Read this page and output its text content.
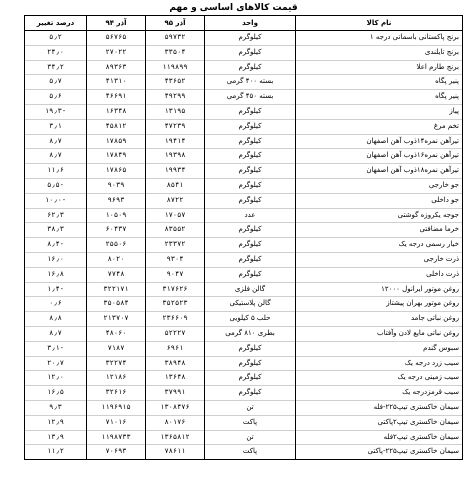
قیمت کالاهای اساسی و مهم
نام کالا	واحد	آذر ۹۵	آذر ۹۴	درصد تغییر
برنج پاکستانی باسماتی درجه ۱	کیلوگرم	۵۹۷۳۲	۵۶۷۶۵	۵٫۲
برنج تایلندی	کیلوگرم	۳۳۵۰۴	۲۷۰۲۲	۲۴٫۰
برنج طارم اعلا	کیلوگرم	۱۱۹۸۹۹	۸۹۳۶۳	۳۴٫۲
پنیر پگاه	بسته ۴۰۰ گرمی	۴۳۶۵۲	۴۱۳۱۰	۵٫۷
پنیر پگاه	بسته ۴۵۰ گرمی	۴۹۲۹۹	۴۶۶۹۱	۵٫۶
پیاز	کیلوگرم	۱۳۱۹۵	۱۶۳۴۸	-۱۹٫۳
تخم مرغ	کیلوگرم	۴۷۲۳۹	۴۵۸۱۲	۳٫۱
تیرآهن نمره۱۴ذوب آهن اصفهان	کیلوگرم	۱۹۴۱۴	۱۷۸۵۹	۸٫۷
تیرآهن نمره۱۶ذوب آهن اصفهان	کیلوگرم	۱۹۳۹۸	۱۷۸۴۹	۸٫۷
تیرآهن نمره۱۸ذوب آهن اصفهان	کیلوگرم	۱۹۹۳۴	۱۷۸۶۵	۱۱٫۶
جو خارجی	کیلوگرم	۸۵۴۱	۹۰۳۹	-۵٫۵
جو داخلی	کیلوگرم	۸۷۲۲	۹۶۹۳	-۱۰٫۰
جوجه یکروزه گوشتی	عدد	۱۷۰۵۷	۱۰۵۰۹	۶۲٫۳
خرما مضافتی	کیلوگرم	۸۳۵۵۲	۶۰۴۳۷	۳۸٫۳
خیار رسمی درجه یک	کیلوگرم	۲۳۳۷۲	۲۵۵۰۶	-۸٫۴
ذرت خارجی	کیلوگرم	۹۳۰۴	۸۰۲۰	۱۶٫۰
ذرت داخلی	کیلوگرم	۹۰۴۷	۷۷۴۸	۱۶٫۸
روغن موتور ایرانول ۱۲۰۰۰	گالن فلزی	۳۱۷۶۲۶	۳۲۲۱۷۱	-۱٫۴
روغن موتور بهران پیشتاز	گالن پلاستیکی	۳۵۲۵۲۳	۳۵۰۵۸۴	۰٫۶
روغن نباتی جامد	حلب ۵ کیلویی	۲۳۶۶۰۹	۲۱۳۷۰۷	۸٫۸
روغن نباتی مایع لادن وآفتاب	بطری ۸۱۰ گرمی	۵۲۲۲۷	۴۸۰۶۰	۸٫۷
سبوس گندم	کیلوگرم	۶۹۶۱	۷۱۸۷	-۳٫۱
سیب زرد درجه یک	کیلوگرم	۳۸۹۴۸	۳۲۲۷۴	۲۰٫۷
سیب زمینی درجه یک	کیلوگرم	۱۳۶۴۸	۱۲۱۸۶	۱۲٫۰
سیب قرمزدرجه یک	کیلوگرم	۳۷۹۹۱	۳۲۶۱۶	۱۶٫۵
سیمان خاکستری تیپ۲۲۵-فله	تن	۱۳۰۸۴۷۶	۱۱۹۶۹۱۵	۹٫۳
سیمان خاکستری تیپ۲پاکتی	پاکت	۸۰۱۷۶	۷۱۰۱۶	۱۲٫۹
سیمان خاکستری تیپ۲فله	تن	۱۳۶۵۸۱۲	۱۱۹۸۷۳۳	۱۳٫۹
سیمان خاکستری تیپ۲۲۵-پاکتی	پاکت	۷۸۶۱۱	۷۰۶۹۳	۱۱٫۲
